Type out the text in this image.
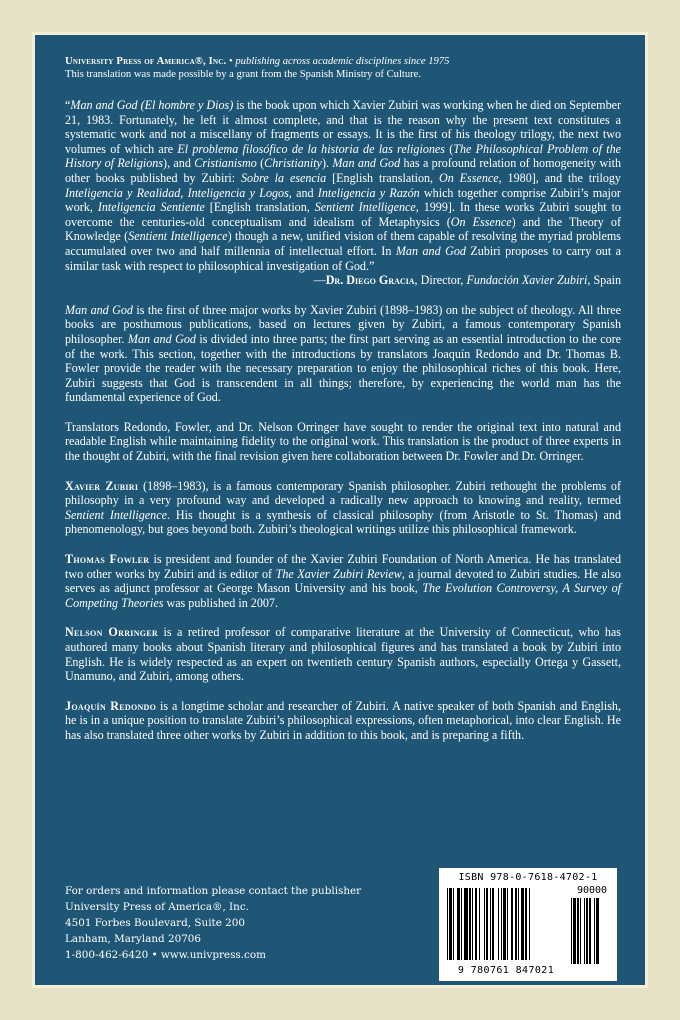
University Press of America®, Inc. • publishing across academic disciplines since 1975
This translation was made possible by a grant from the Spanish Ministry of Culture.

“Man and God (El hombre y Dios) is the book upon which Xavier Zubiri was working when he died on September 21, 1983. Fortunately, he left it almost complete, and that is the reason why the present text constitutes a systematic work and not a miscellany of fragments or essays. It is the first of his theology trilogy, the next two volumes of which are El problema filosófico de la historia de las religiones (The Philosophical Problem of the History of Religions), and Cristianismo (Christianity). Man and God has a profound relation of homogeneity with other books published by Zubiri: Sobre la esencia [English translation, On Essence, 1980], and the trilogy Inteligencia y Realidad, Inteligencia y Logos, and Inteligencia y Razón which together comprise Zubiri’s major work, Inteligencia Sentiente [English translation, Sentient Intelligence, 1999]. In these works Zubiri sought to overcome the centuries-old conceptualism and idealism of Metaphysics (On Essence) and the Theory of Knowledge (Sentient Intelligence) though a new, unified vision of them capable of resolving the myriad problems accumulated over two and half millennia of intellectual effort. In Man and God Zubiri proposes to carry out a similar task with respect to philosophical investigation of God.”

—Dr. Diego Gracia, Director, Fundación Xavier Zubiri, Spain

Man and God is the first of three major works by Xavier Zubiri (1898–1983) on the subject of theology. All three books are posthumous publications, based on lectures given by Zubiri, a famous contemporary Spanish philosopher. Man and God is divided into three parts; the first part serving as an essential introduction to the core of the work. This section, together with the introductions by translators Joaquín Redondo and Dr. Thomas B. Fowler provide the reader with the necessary preparation to enjoy the philosophical riches of this book. Here, Zubiri suggests that God is transcendent in all things; therefore, by experiencing the world man has the fundamental experience of God.

Translators Redondo, Fowler, and Dr. Nelson Orringer have sought to render the original text into natural and readable English while maintaining fidelity to the original work. This translation is the product of three experts in the thought of Zubiri, with the final revision given here collaboration between Dr. Fowler and Dr. Orringer.

Xavier Zubiri (1898–1983), is a famous contemporary Spanish philosopher. Zubiri rethought the problems of philosophy in a very profound way and developed a radically new approach to knowing and reality, termed Sentient Intelligence. His thought is a synthesis of classical philosophy (from Aristotle to St. Thomas) and phenomenology, but goes beyond both. Zubiri’s theological writings utilize this philosophical framework.

Thomas Fowler is president and founder of the Xavier Zubiri Foundation of North America. He has translated two other works by Zubiri and is editor of The Xavier Zubiri Review, a journal devoted to Zubiri studies. He also serves as adjunct professor at George Mason University and his book, The Evolution Controversy, A Survey of Competing Theories was published in 2007.

Nelson Orringer is a retired professor of comparative literature at the University of Connecticut, who has authored many books about Spanish literary and philosophical figures and has translated a book by Zubiri into English. He is widely respected as an expert on twentieth century Spanish authors, especially Ortega y Gassett, Unamuno, and Zubiri, among others.

Joaquín Redondo is a longtime scholar and researcher of Zubiri. A native speaker of both Spanish and English, he is in a unique position to translate Zubiri’s philosophical expressions, often metaphorical, into clear English. He has also translated three other works by Zubiri in addition to this book, and is preparing a fifth.

For orders and information please contact the publisher
University Press of America®, Inc.
4501 Forbes Boulevard, Suite 200
Lanham, Maryland 20706
1-800-462-6420 • www.univpress.com
ISBN 978-0-7618-4702-1
90000
9 780761 847021
